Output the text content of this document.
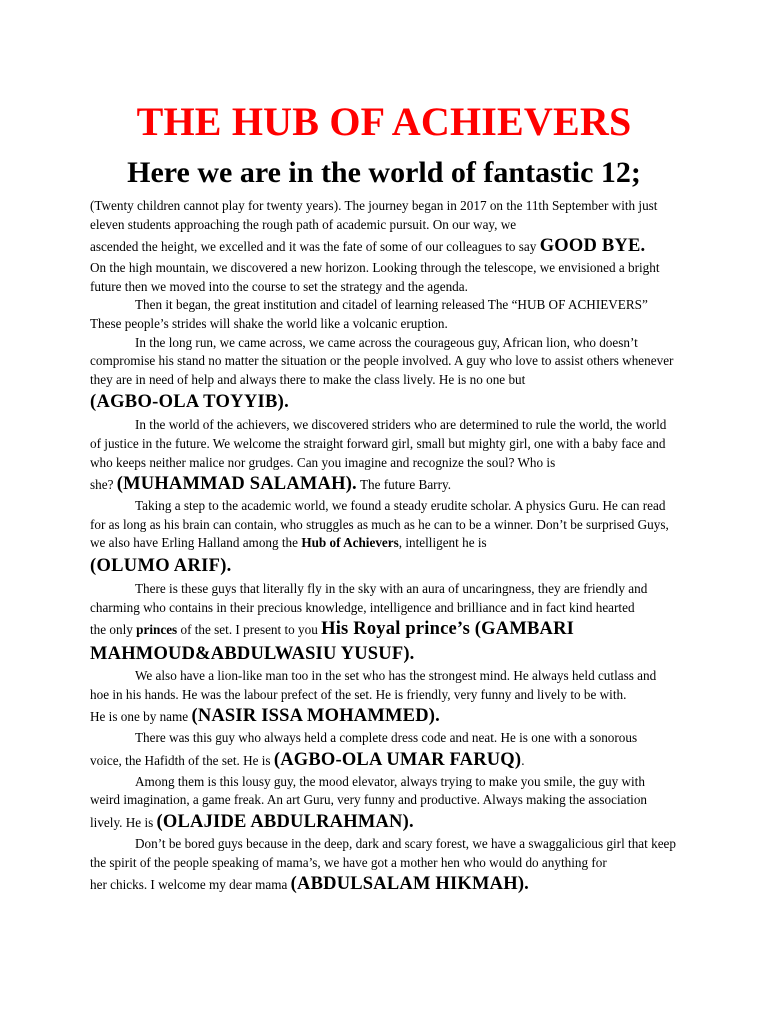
THE HUB OF ACHIEVERS
Here we are in the world of fantastic 12;

(Twenty children cannot play for twenty years). The journey began in 2017 on the 11th September with just eleven students approaching the rough path of academic pursuit. On our way, we

ascended the height, we excelled and it was the fate of some of our colleagues to say GOOD BYE.

On the high mountain, we discovered a new horizon. Looking through the telescope, we envisioned a bright future then we moved into the course to set the strategy and the agenda.

Then it began, the great institution and citadel of learning released The “HUB OF ACHIEVERS” These people’s strides will shake the world like a volcanic eruption.

In the long run, we came across, we came across the courageous guy, African lion, who doesn’t compromise his stand no matter the situation or the people involved. A guy who love to assist others whenever they are in need of help and always there to make the class lively. He is no one but

(AGBO-OLA TOYYIB).

In the world of the achievers, we discovered striders who are determined to rule the world, the world of justice in the future. We welcome the straight forward girl, small but mighty girl, one with a baby face and who keeps neither malice nor grudges. Can you imagine and recognize the soul? Who is

she? (MUHAMMAD SALAMAH). The future Barry.

Taking a step to the academic world, we found a steady erudite scholar. A physics Guru. He can read for as long as his brain can contain, who struggles as much as he can to be a winner. Don’t be surprised Guys, we also have Erling Halland among the Hub of Achievers, intelligent he is

(OLUMO ARIF).

There is these guys that literally fly in the sky with an aura of uncaringness, they are friendly and charming who contains in their precious knowledge, intelligence and brilliance and in fact kind hearted

the only princes of the set. I present to you His Royal prince’s (GAMBARI MAHMOUD&ABDULWASIU YUSUF).

We also have a lion-like man too in the set who has the strongest mind. He always held cutlass and hoe in his hands. He was the labour prefect of the set. He is friendly, very funny and lively to be with.

He is one by name (NASIR ISSA MOHAMMED).

There was this guy who always held a complete dress code and neat. He is one with a sonorous

voice, the Hafidth of the set. He is (AGBO-OLA UMAR FARUQ).

Among them is this lousy guy, the mood elevator, always trying to make you smile, the guy with weird imagination, a game freak. An art Guru, very funny and productive. Always making the association

lively. He is (OLAJIDE ABDULRAHMAN).

Don’t be bored guys because in the deep, dark and scary forest, we have a swaggalicious girl that keep the spirit of the people speaking of mama’s, we have got a mother hen who would do anything for

her chicks. I welcome my dear mama (ABDULSALAM HIKMAH).
